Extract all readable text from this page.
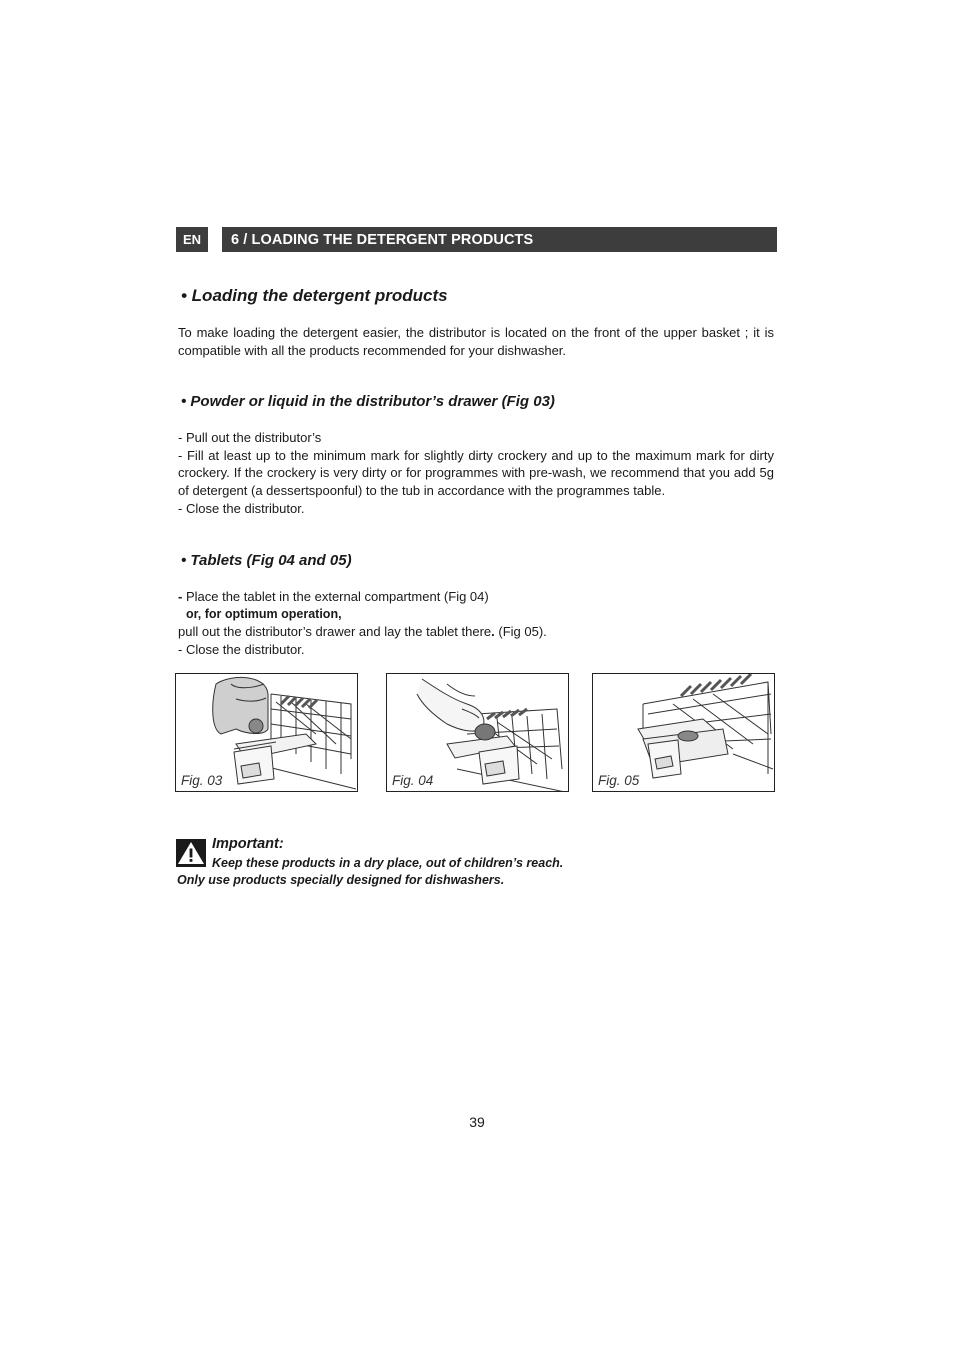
EN	6 / LOADING THE DETERGENT PRODUCTS
• Loading the detergent products
To make loading the detergent easier, the distributor is located on the front of the upper basket ; it is compatible with all the products recommended for your dishwasher.
• Powder or liquid in the distributor’s drawer (Fig 03)

- Pull out the distributor’s

- Fill at least up to the minimum mark for slightly dirty crockery and up to the maximum mark for dirty crockery. If the crockery is very dirty or for programmes with pre-wash, we recommend that you add 5g of detergent (a dessertspoonful) to the tub in accordance with the programmes table.

- Close the distributor.

• Tablets (Fig 04 and 05)

- Place the tablet in the external compartment (Fig 04)

or, for optimum operation,

pull out the distributor’s drawer and lay the tablet there. (Fig 05).

- Close the distributor.

Fig. 03	Fig. 04	Fig. 05
Important:
Keep these products in a dry place, out of children’s reach.
Only use products specially designed for dishwashers.
39
